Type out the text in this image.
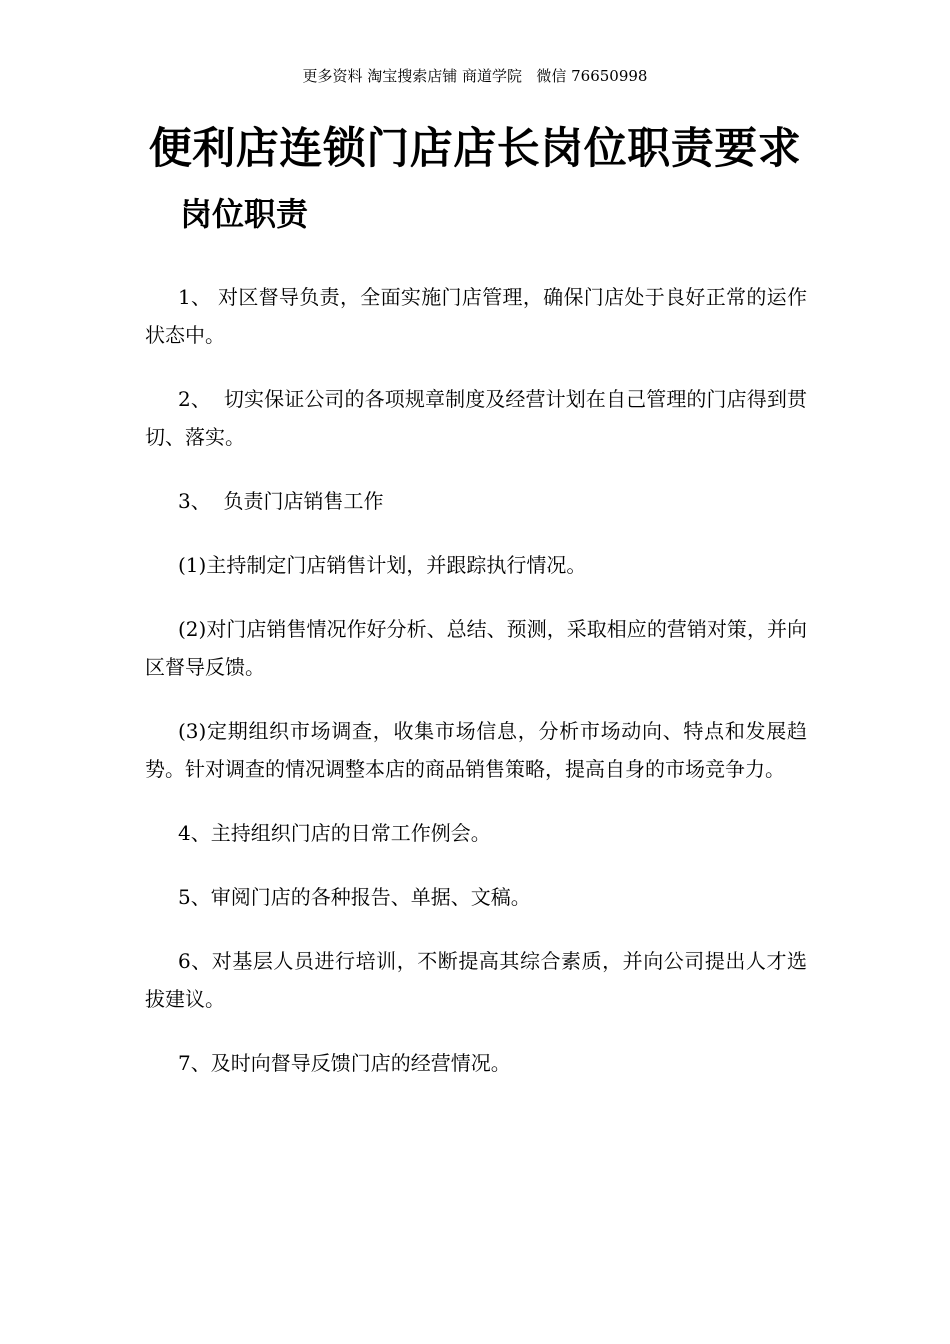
更多资料 淘宝搜索店铺 商道学院   微信 76650998
便利店连锁门店店长岗位职责要求
岗位职责

1、 对区督导负责，全面实施门店管理，确保门店处于良好正常的运作状态中。

2、  切实保证公司的各项规章制度及经营计划在自己管理的门店得到贯切、落实。

3、  负责门店销售工作

(1)主持制定门店销售计划，并跟踪执行情况。

(2)对门店销售情况作好分析、总结、预测，采取相应的营销对策，并向区督导反馈。

(3)定期组织市场调查，收集市场信息，分析市场动向、特点和发展趋势。针对调查的情况调整本店的商品销售策略，提高自身的市场竞争力。

4、主持组织门店的日常工作例会。

5、审阅门店的各种报告、单据、文稿。

6、对基层人员进行培训，不断提高其综合素质，并向公司提出人才选拔建议。

7、及时向督导反馈门店的经营情况。
